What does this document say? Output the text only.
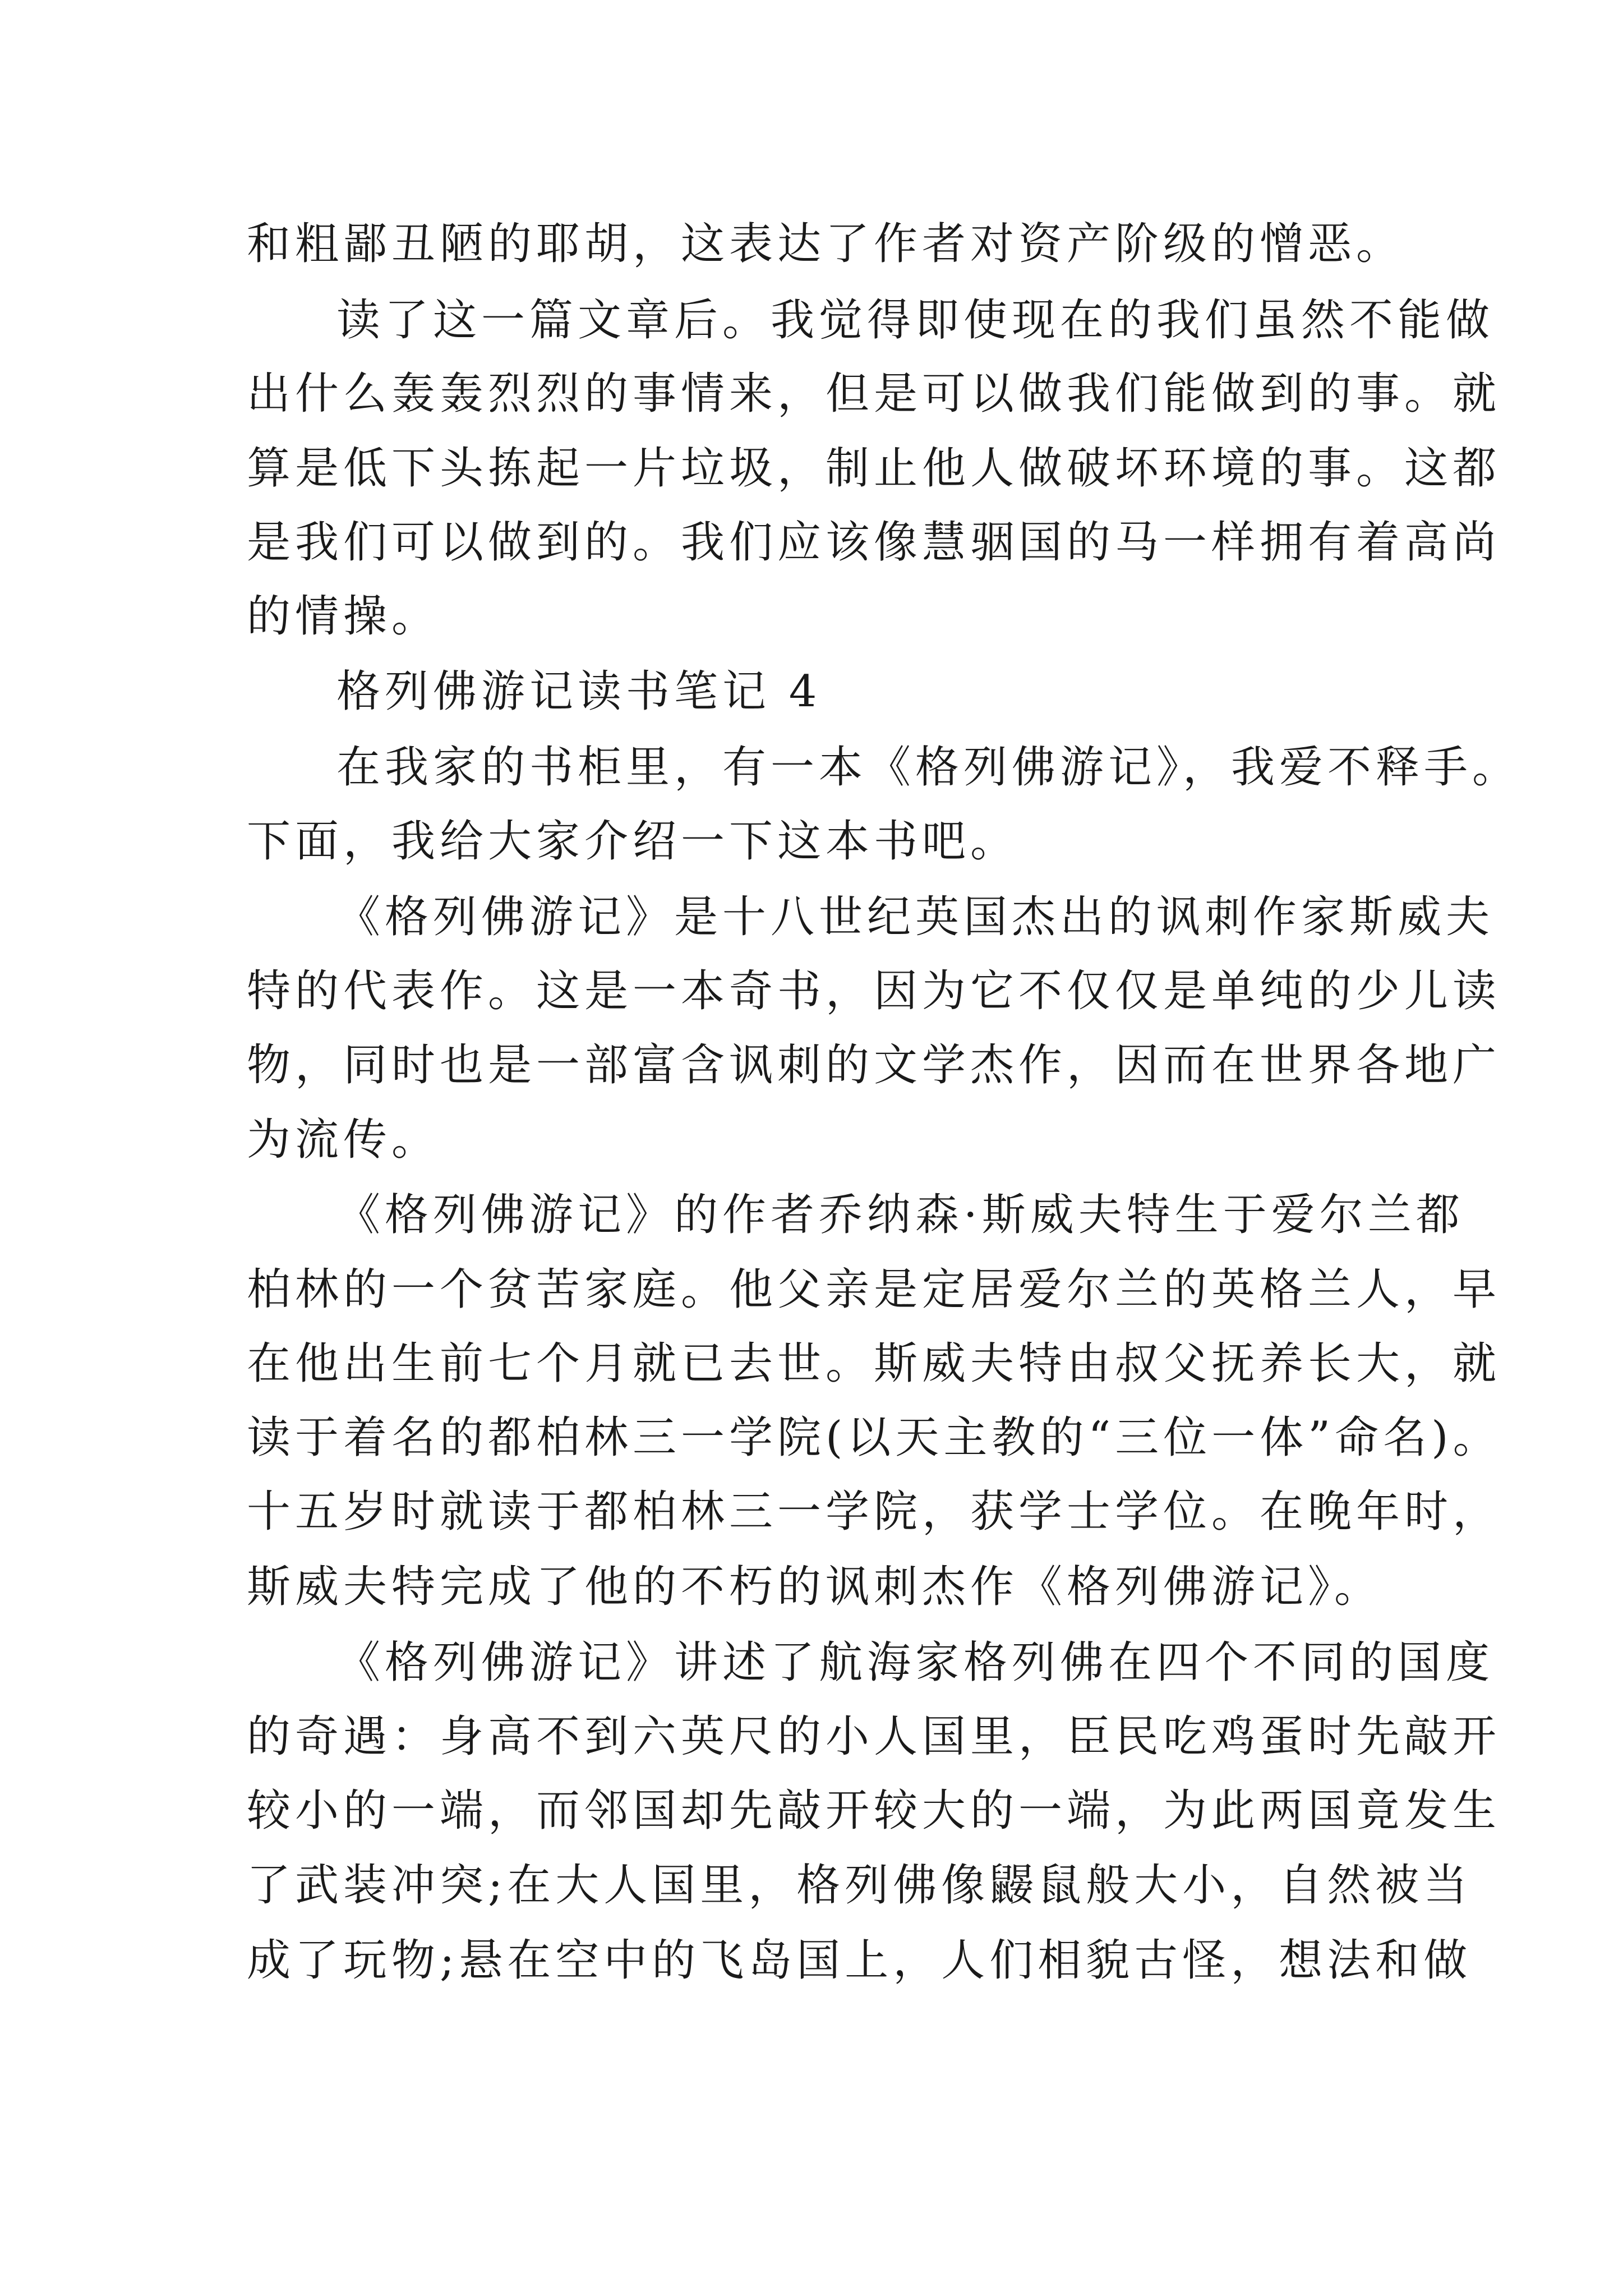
和粗鄙丑陋的耶胡，这表达了作者对资产阶级的憎恶。
读了这一篇文章后。我觉得即使现在的我们虽然不能做
出什么轰轰烈烈的事情来，但是可以做我们能做到的事。就
算是低下头拣起一片垃圾，制止他人做破坏环境的事。这都
是我们可以做到的。我们应该像慧骃国的马一样拥有着高尚
的情操。
格列佛游记读书笔记 4
在我家的书柜里，有一本《格列佛游记》，我爱不释手。
下面，我给大家介绍一下这本书吧。
《格列佛游记》是十八世纪英国杰出的讽刺作家斯威夫
特的代表作。这是一本奇书，因为它不仅仅是单纯的少儿读
物，同时也是一部富含讽刺的文学杰作，因而在世界各地广
为流传。
《格列佛游记》的作者乔纳森·斯威夫特生于爱尔兰都
柏林的一个贫苦家庭。他父亲是定居爱尔兰的英格兰人，早
在他出生前七个月就已去世。斯威夫特由叔父抚养长大，就
读于着名的都柏林三一学院(以天主教的“三位一体”命名)。
十五岁时就读于都柏林三一学院，获学士学位。在晚年时，
斯威夫特完成了他的不朽的讽刺杰作《格列佛游记》。
《格列佛游记》讲述了航海家格列佛在四个不同的国度
的奇遇：身高不到六英尺的小人国里，臣民吃鸡蛋时先敲开
较小的一端，而邻国却先敲开较大的一端，为此两国竟发生
了武装冲突;在大人国里，格列佛像鼹鼠般大小，自然被当
成了玩物;悬在空中的飞岛国上，人们相貌古怪，想法和做
